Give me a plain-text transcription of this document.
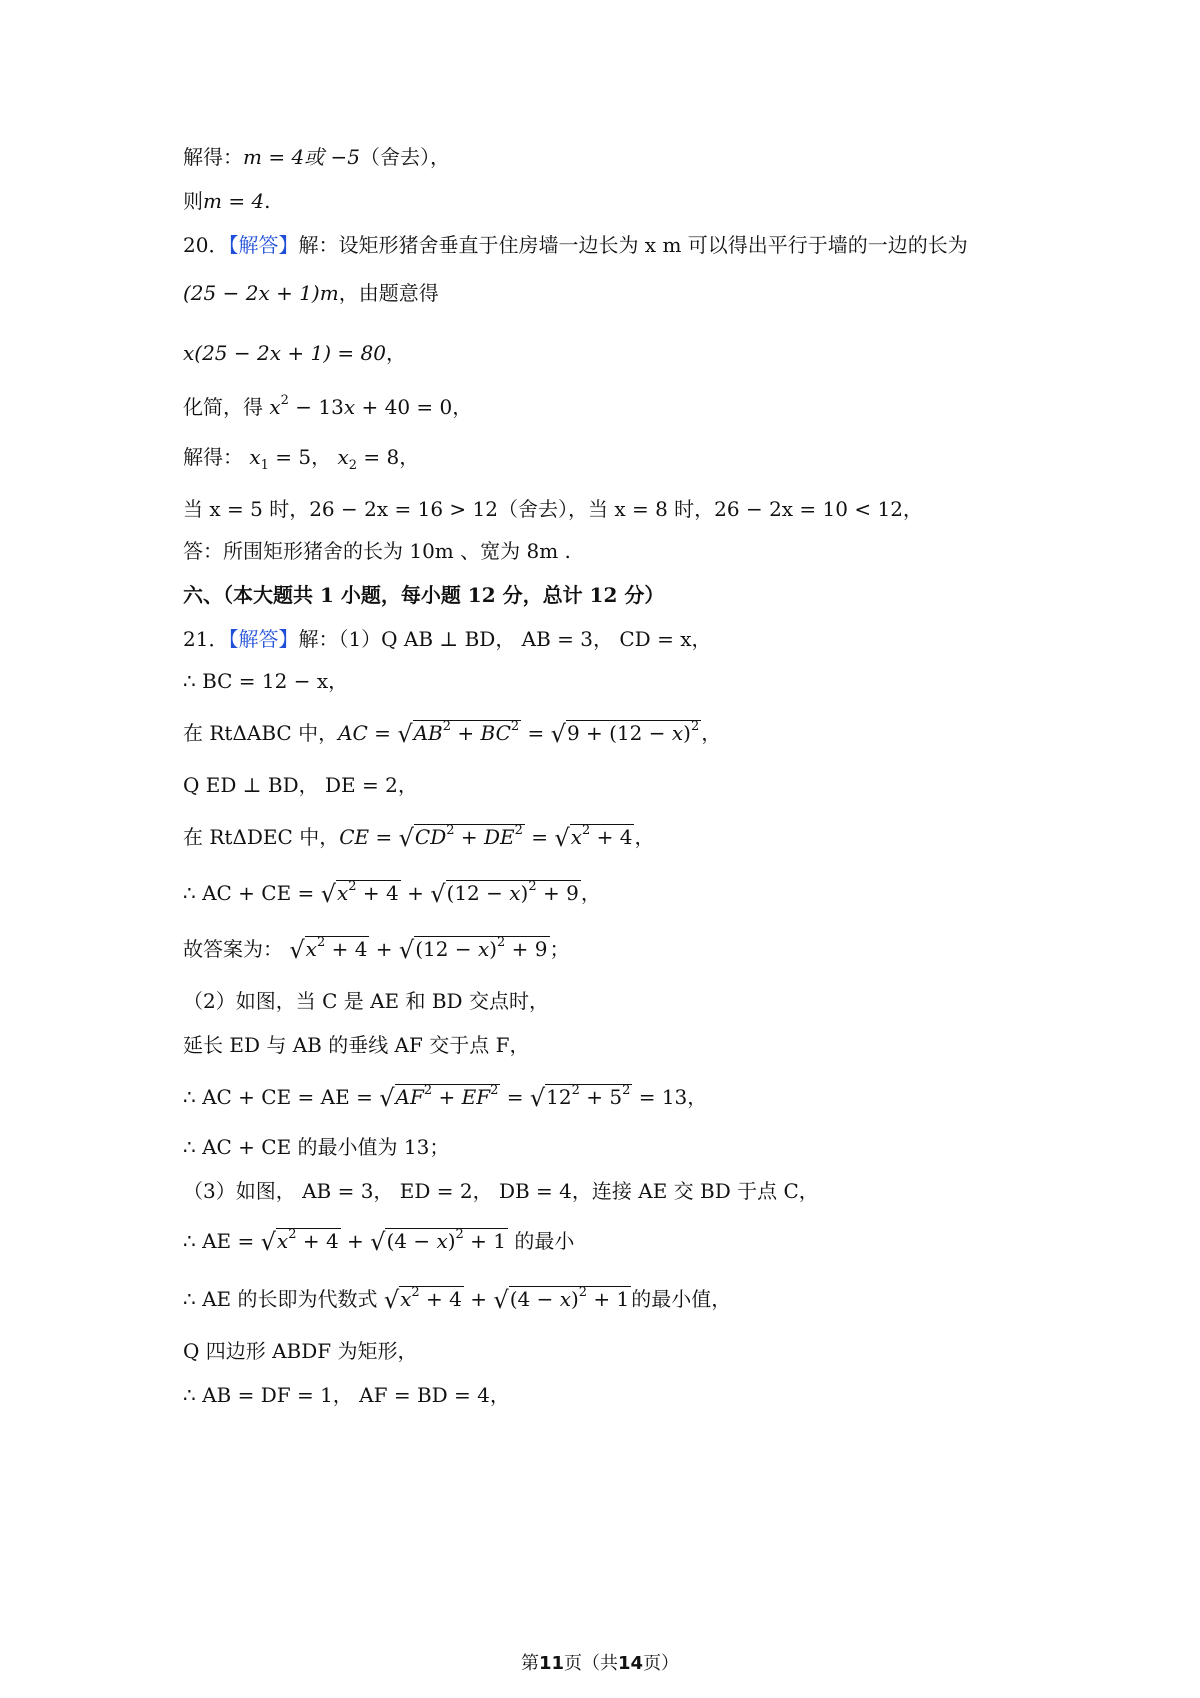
解得：m = 4或 −5（舍去），
则m = 4.
20．【解答】解：设矩形猪舍垂直于住房墙一边长为 x m 可以得出平行于墙的一边的长为
(25 − 2x + 1)m，由题意得
x(25 − 2x + 1) = 80，
化简，得 $x^2 - 13x + 40 = 0$，
解得： $x_1 = 5$， $x_2 = 8$，
当 x = 5 时，26 − 2x = 16 > 12（舍去），当 x = 8 时，26 − 2x = 10 < 12，
答：所围矩形猪舍的长为 10m 、宽为 8m .
六、（本大题共 1 小题，每小题 12 分，总计 12 分）
21．【解答】解：（1）Q AB ⊥ BD， AB = 3， CD = x，
∴ BC = 12 − x，
在 RtΔABC 中，AC = $√AB^2 + BC^2 = √9 + (12 - x)^2$ ，
Q ED ⊥ BD， DE = 2，
在 RtΔDEC 中，CE = $√CD^2 + DE^2 = √x^2 + 4$ ，
∴ AC + CE = $√x^2 + 4 + √(12 - x)^2 + 9$ ，
故答案为： $√x^2 + 4 + √(12 - x)^2 + 9$ ；
（2）如图，当 C 是 AE 和 BD 交点时，
延长 ED 与 AB 的垂线 AF 交于点 F，
∴ AC + CE = AE = $√AF^2 + EF^2 = √12^2 + 5^2 = 13$，
∴ AC + CE 的最小值为 13；
（3）如图， AB = 3， ED = 2， DB = 4，连接 AE 交 BD 于点 C，
∴ AE = $√x^2 + 4 + √(4 - x)^2 + 1$ 的最小
∴ AE 的长即为代数式 $√x^2 + 4 + √(4 - x)^2 + 1$ 的最小值，
Q 四边形 ABDF 为矩形，
∴ AB = DF = 1， AF = BD = 4，
第11页（共14页）
